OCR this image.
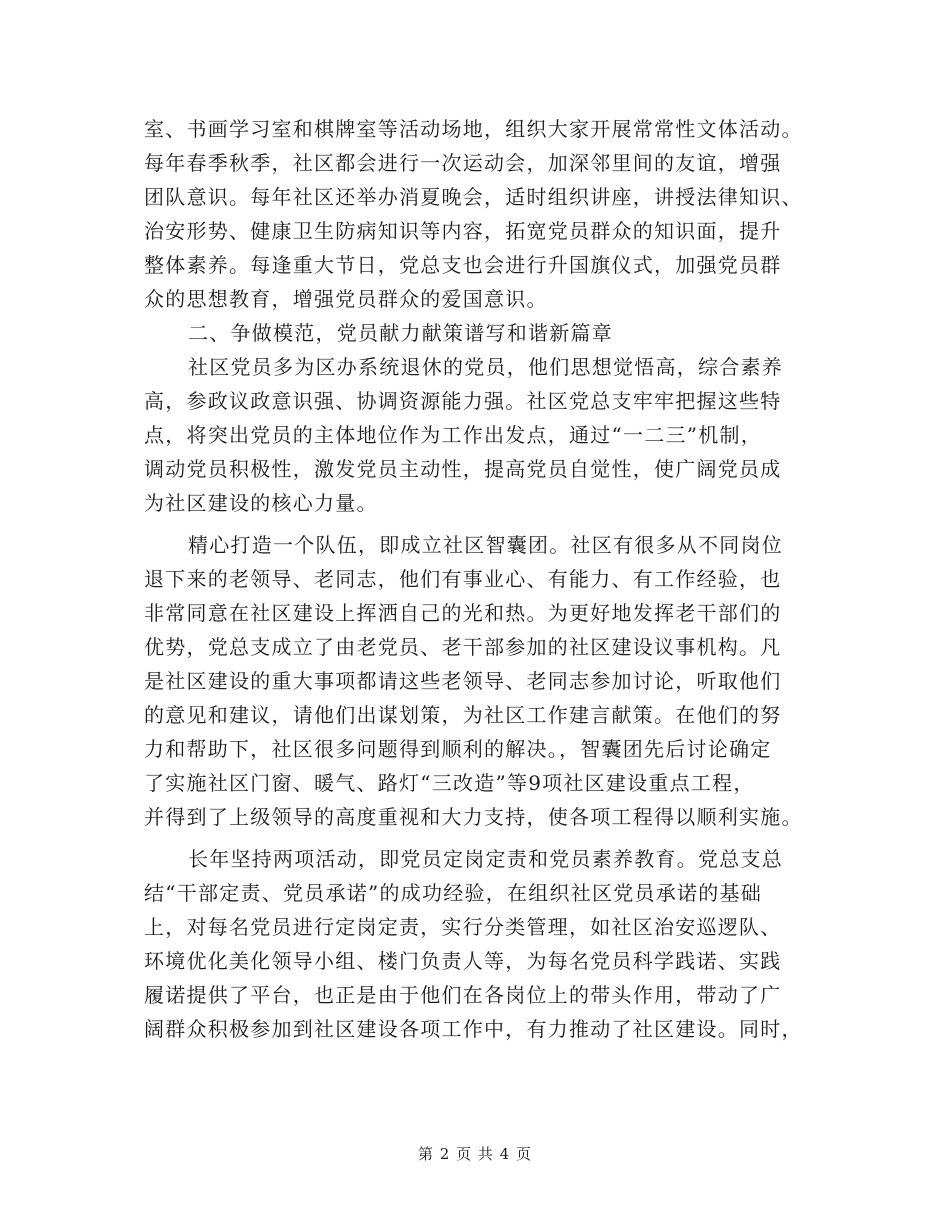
室、书画学习室和棋牌室等活动场地，组织大家开展常常性文体活动。
每年春季秋季，社区都会进行一次运动会，加深邻里间的友谊，增强
团队意识。每年社区还举办消夏晚会，适时组织讲座，讲授法律知识、
治安形势、健康卫生防病知识等内容，拓宽党员群众的知识面，提升
整体素养。每逢重大节日，党总支也会进行升国旗仪式，加强党员群
众的思想教育，增强党员群众的爱国意识。
二、争做模范，党员献力献策谱写和谐新篇章
社区党员多为区办系统退休的党员，他们思想觉悟高，综合素养
高，参政议政意识强、协调资源能力强。社区党总支牢牢把握这些特
点，将突出党员的主体地位作为工作出发点，通过“一二三”机制，
调动党员积极性，激发党员主动性，提高党员自觉性，使广阔党员成
为社区建设的核心力量。
精心打造一个队伍，即成立社区智囊团。社区有很多从不同岗位
退下来的老领导、老同志，他们有事业心、有能力、有工作经验，也
非常同意在社区建设上挥洒自己的光和热。为更好地发挥老干部们的
优势，党总支成立了由老党员、老干部参加的社区建设议事机构。凡
是社区建设的重大事项都请这些老领导、老同志参加讨论，听取他们
的意见和建议，请他们出谋划策，为社区工作建言献策。在他们的努
力和帮助下，社区很多问题得到顺利的解决。，智囊团先后讨论确定
了实施社区门窗、暖气、路灯“三改造”等9项社区建设重点工程，
并得到了上级领导的高度重视和大力支持，使各项工程得以顺利实施。
长年坚持两项活动，即党员定岗定责和党员素养教育。党总支总
结“干部定责、党员承诺”的成功经验，在组织社区党员承诺的基础
上，对每名党员进行定岗定责，实行分类管理，如社区治安巡逻队、
环境优化美化领导小组、楼门负责人等，为每名党员科学践诺、实践
履诺提供了平台，也正是由于他们在各岗位上的带头作用，带动了广
阔群众积极参加到社区建设各项工作中，有力推动了社区建设。同时，
第 2 页 共 4 页
